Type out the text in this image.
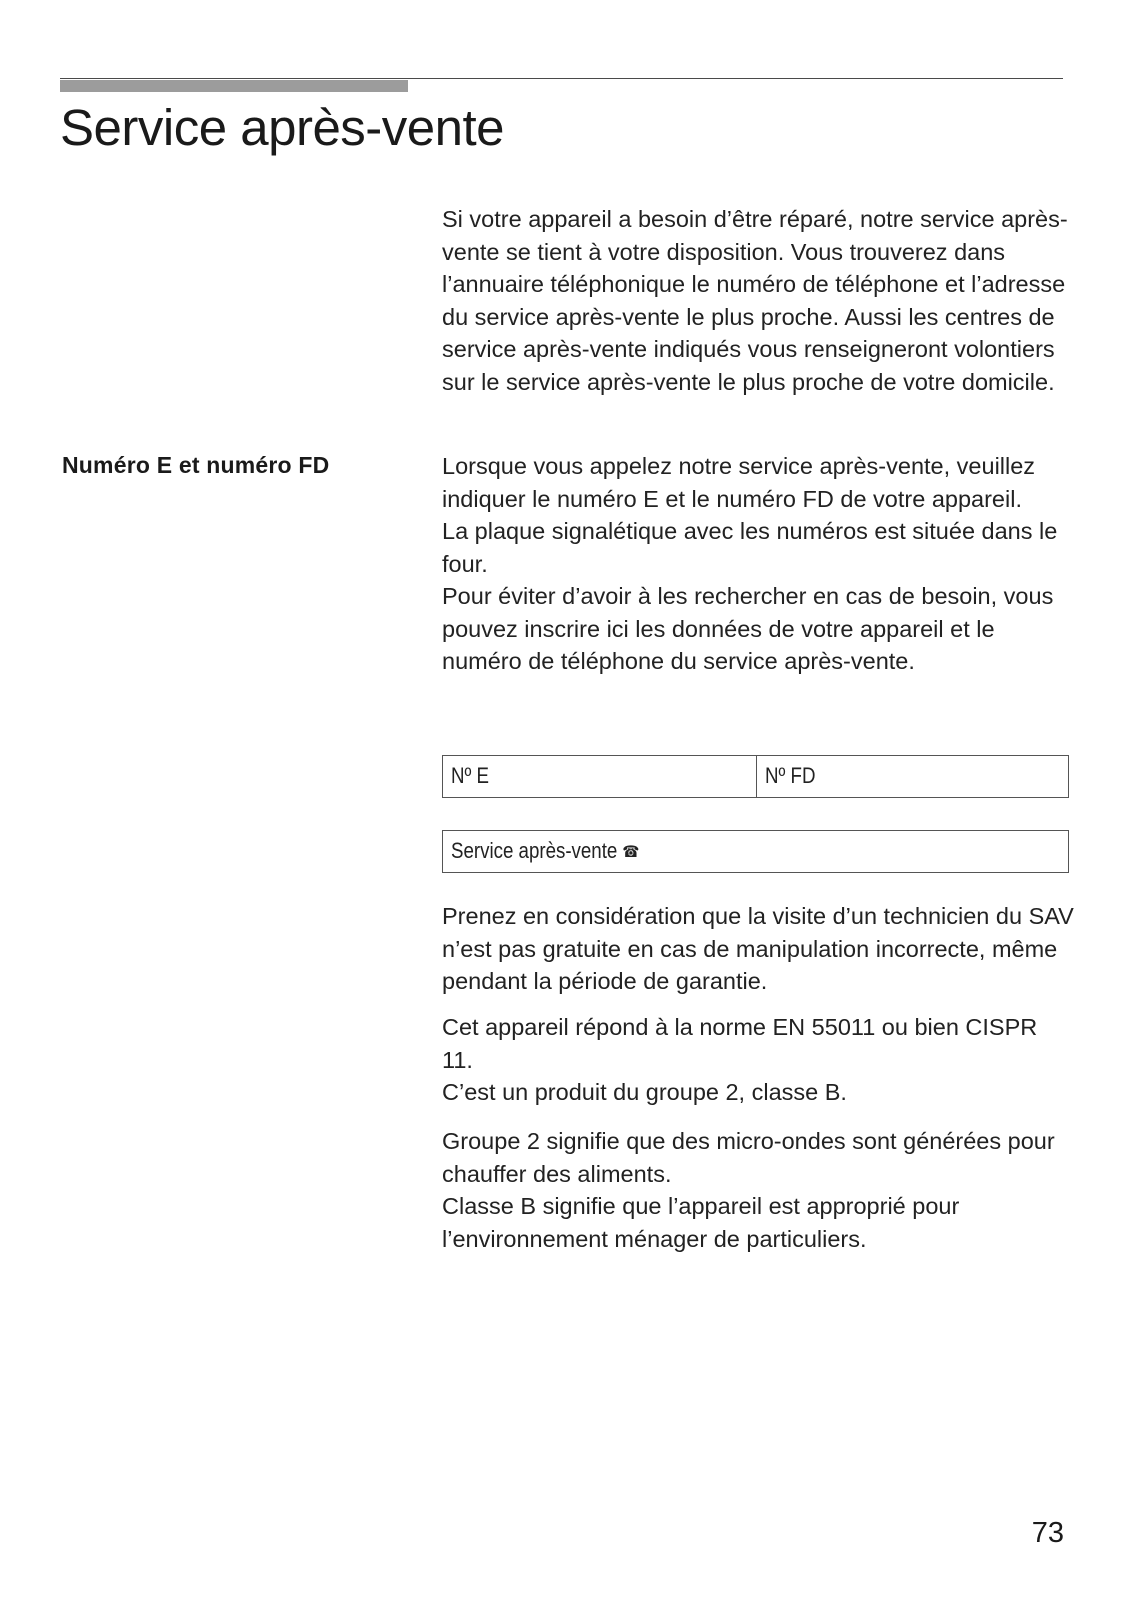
Service après-vente

Si votre appareil a besoin d’être réparé, notre service après-vente se tient à votre disposition. Vous trouverez dans l’annuaire téléphonique le numéro de téléphone et l’adresse du service après-vente le plus proche. Aussi les centres de service après-vente indiqués vous renseigneront volontiers sur le service après-vente le plus proche de votre domicile.

Numéro E et numéro FD	Lorsque vous appelez notre service après-vente, veuillez indiquer le numéro E et le numéro FD de votre appareil.

La plaque signalétique avec les numéros est située dans le four.

Pour éviter d’avoir à les rechercher en cas de besoin, vous pouvez inscrire ici les données de votre appareil et le numéro de téléphone du service après-vente.

Nº E	Nº FD
Service après-vente ☎

Prenez en considération que la visite d’un technicien du SAV n’est pas gratuite en cas de manipulation incorrecte, même pendant la période de garantie.

Cet appareil répond à la norme EN 55011 ou bien CISPR 11.

C’est un produit du groupe 2, classe B.

Groupe 2 signifie que des micro-ondes sont générées pour chauffer des aliments.

Classe B signifie que l’appareil est approprié pour l’environnement ménager de particuliers.

73
